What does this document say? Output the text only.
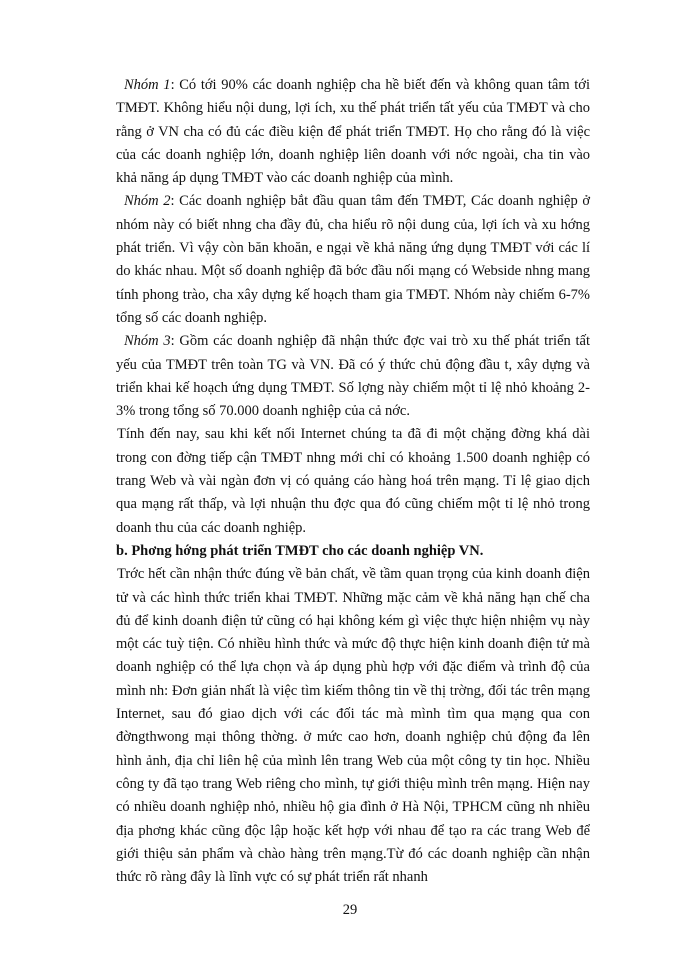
Nhóm 1: Có tới 90% các doanh nghiệp cha hề biết đến và không quan tâm tới TMĐT. Không hiểu nội dung, lợi ích, xu thế phát triển tất yếu của TMĐT và cho rằng ở VN cha có đủ các điều kiện để phát triển TMĐT. Họ cho rằng đó là việc của các doanh nghiệp lớn, doanh nghiệp liên doanh với nớc ngoài, cha tin vào khả năng áp dụng TMĐT vào các doanh nghiệp của mình.

Nhóm 2: Các doanh nghiệp bắt đầu quan tâm đến TMĐT, Các doanh nghiệp ở nhóm này có biết nhng cha đầy đủ, cha hiểu rõ nội dung của, lợi ích và xu hớng phát triển. Vì vậy còn băn khoăn, e ngại về khả năng ứng dụng TMĐT với các lí do khác nhau. Một số doanh nghiệp đã bớc đầu nối mạng có Webside nhng mang tính phong trào, cha xây dựng kế hoạch tham gia TMĐT. Nhóm này chiếm 6-7% tổng số các doanh nghiệp.

Nhóm 3: Gồm các doanh nghiệp đã nhận thức đợc vai trò xu thế phát triển tất yếu của TMĐT trên toàn TG và VN. Đã có ý thức chủ động đầu t, xây dựng và triển khai kế hoạch ứng dụng TMĐT. Số lợng này chiếm một tỉ lệ nhỏ khoảng 2-3% trong tổng số 70.000 doanh nghiệp của cả nớc.

Tính đến nay, sau khi kết nối Internet chúng ta đã đi một chặng đờng khá dài trong con đờng tiếp cận TMĐT nhng mới chỉ có khoảng 1.500 doanh nghiệp có trang Web và vài ngàn đơn vị có quảng cáo hàng hoá trên mạng. Tỉ lệ giao dịch qua mạng rất thấp, và lợi nhuận thu đợc qua đó cũng chiếm một tỉ lệ nhỏ trong doanh thu của các doanh nghiệp.

b. Phơng hớng phát triển TMĐT cho các doanh nghiệp VN.

Trớc hết cần nhận thức đúng về bản chất, về tầm quan trọng của kinh doanh điện tử và các hình thức triển khai TMĐT. Những mặc cảm về khả năng hạn chế cha đủ để kinh doanh điện tử cũng có hại không kém gì việc thực hiện nhiệm vụ này một các tuỳ tiện. Có nhiều hình thức và mức độ thực hiện kinh doanh điện tử mà doanh nghiệp có thể lựa chọn và áp dụng phù hợp với đặc điểm và trình độ của mình nh: Đơn giản nhất là việc tìm kiếm thông tin về thị trờng, đối tác trên mạng Internet, sau đó giao dịch với các đối tác mà mình tìm qua mạng qua con đờngthwong mại thông thờng. ở mức cao hơn, doanh nghiệp chủ động đa lên hình ảnh, địa chỉ liên hệ của mình lên trang Web của một công ty tin học. Nhiều công ty đã tạo trang Web riêng cho mình, tự giới thiệu mình trên mạng. Hiện nay có nhiều doanh nghiệp nhỏ, nhiều hộ gia đình ở Hà Nội, TPHCM cũng nh nhiều địa phơng khác cũng độc lập hoặc kết hợp với nhau để tạo ra các trang Web để giới thiệu sản phẩm và chào hàng trên mạng.Từ đó các doanh nghiệp cần nhận thức rõ ràng đây là lĩnh vực có sự phát triển rất nhanh

29
